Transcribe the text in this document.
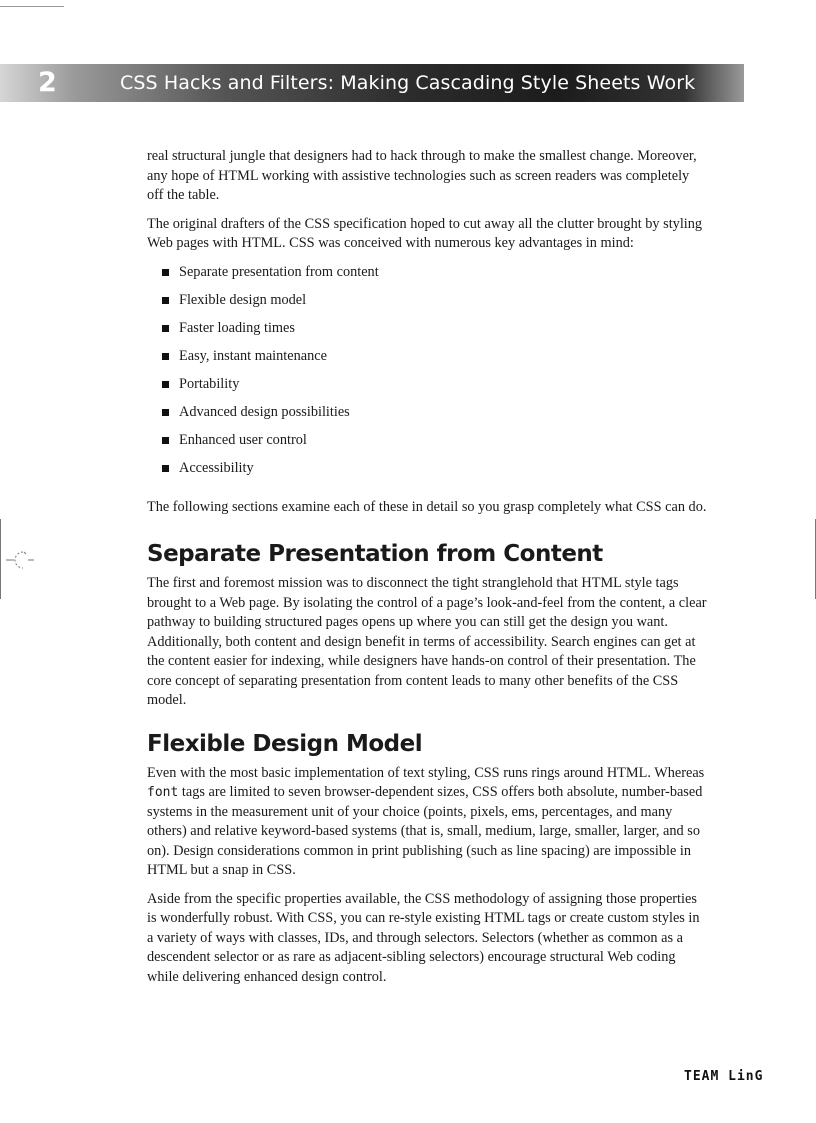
2	CSS Hacks and Filters: Making Cascading Style Sheets Work

real structural jungle that designers had to hack through to make the smallest change. Moreover, any hope of HTML working with assistive technologies such as screen readers was completely off the table.

The original drafters of the CSS specification hoped to cut away all the clutter brought by styling Web pages with HTML. CSS was conceived with numerous key advantages in mind:

Separate presentation from content
Flexible design model
Faster loading times
Easy, instant maintenance
Portability
Advanced design possibilities
Enhanced user control
Accessibility

The following sections examine each of these in detail so you grasp completely what CSS can do.

Separate Presentation from Content

The first and foremost mission was to disconnect the tight stranglehold that HTML style tags brought to a Web page. By isolating the control of a page’s look-and-feel from the content, a clear pathway to building structured pages opens up where you can still get the design you want. Additionally, both content and design benefit in terms of accessibility. Search engines can get at the content easier for indexing, while designers have hands-on control of their presentation. The core concept of separating presentation from content leads to many other benefits of the CSS model.

Flexible Design Model

Even with the most basic implementation of text styling, CSS runs rings around HTML. Whereas font tags are limited to seven browser-dependent sizes, CSS offers both absolute, number-based systems in the measurement unit of your choice (points, pixels, ems, percentages, and many others) and relative keyword-based systems (that is, small, medium, large, smaller, larger, and so on). Design considerations common in print publishing (such as line spacing) are impossible in HTML but a snap in CSS.

Aside from the specific properties available, the CSS methodology of assigning those properties is wonderfully robust. With CSS, you can re-style existing HTML tags or create custom styles in a variety of ways with classes, IDs, and through selectors. Selectors (whether as common as a descendent selector or as rare as adjacent-sibling selectors) encourage structural Web coding while delivering enhanced design control.

TEAM LinG
